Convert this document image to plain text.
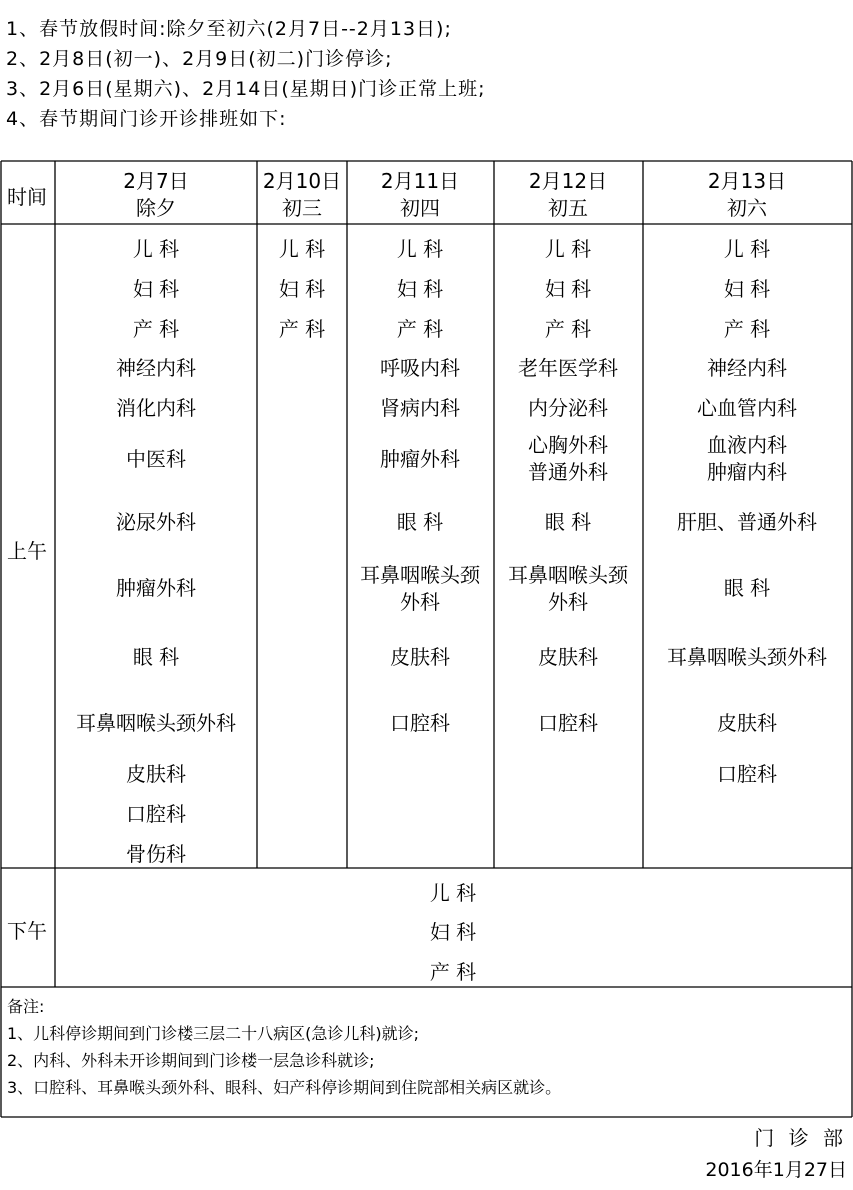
1、春节放假时间:除夕至初六(2月7日--2月13日);
2、2月8日(初一)、2月9日(初二)门诊停诊;
3、2月6日(星期六)、2月14日(星期日)门诊正常上班;
4、春节期间门诊开诊排班如下:
时间
2月7日
除夕
2月10日
初三
2月11日
初四
2月12日
初五
2月13日
初六
上午
下午
儿 科
妇 科
产 科
神经内科
消化内科
中医科
泌尿外科
肿瘤外科
眼 科
耳鼻咽喉头颈外科
皮肤科
口腔科
骨伤科
儿 科
妇 科
产 科
儿 科
妇 科
产 科
呼吸内科
肾病内科
肿瘤外科
眼 科
耳鼻咽喉头颈
外科
皮肤科
口腔科
儿 科
妇 科
产 科
老年医学科
内分泌科
心胸外科
普通外科
眼 科
耳鼻咽喉头颈
外科
皮肤科
口腔科
儿 科
妇 科
产 科
神经内科
心血管内科
血液内科
肿瘤内科
肝胆、普通外科
眼 科
耳鼻咽喉头颈外科
皮肤科
口腔科
儿 科
妇 科
产 科
备注:
1、儿科停诊期间到门诊楼三层二十八病区(急诊儿科)就诊;
2、内科、外科未开诊期间到门诊楼一层急诊科就诊;
3、口腔科、耳鼻喉头颈外科、眼科、妇产科停诊期间到住院部相关病区就诊。
门 诊 部
2016年1月27日
